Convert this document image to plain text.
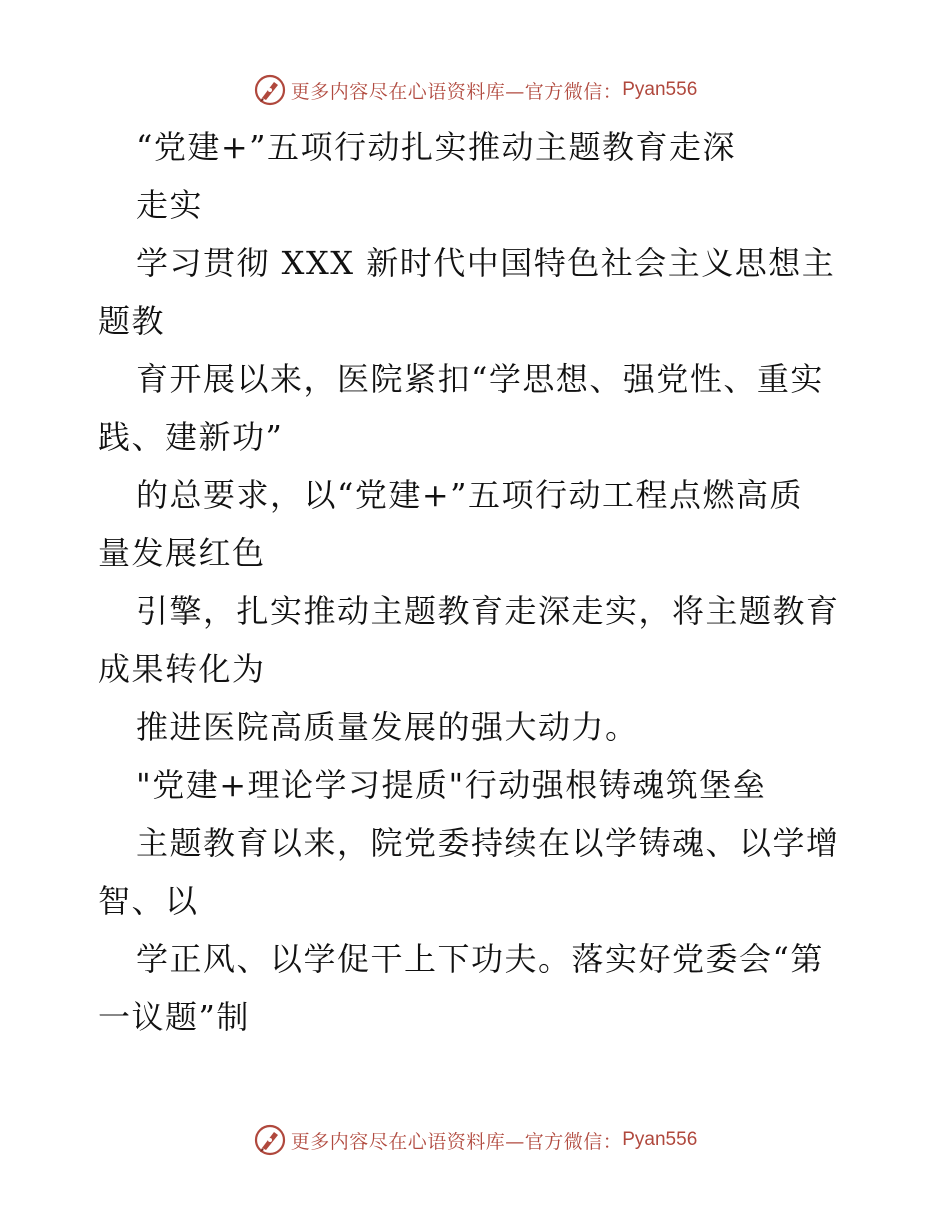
更多内容尽在心语资料库—官方微信： Pyan556
“党建+”五项行动扎实推动主题教育走深
走实
学习贯彻 XXX 新时代中国特色社会主义思想主
题教
育开展以来，医院紧扣“学思想、强党性、重实
践、建新功”
的总要求，以“党建+”五项行动工程点燃高质
量发展红色
引擎，扎实推动主题教育走深走实，将主题教育
成果转化为
推进医院高质量发展的强大动力。
"党建+理论学习提质"行动强根铸魂筑堡垒
主题教育以来，院党委持续在以学铸魂、以学增
智、以
学正风、以学促干上下功夫。落实好党委会“第
一议题”制
更多内容尽在心语资料库—官方微信： Pyan556
